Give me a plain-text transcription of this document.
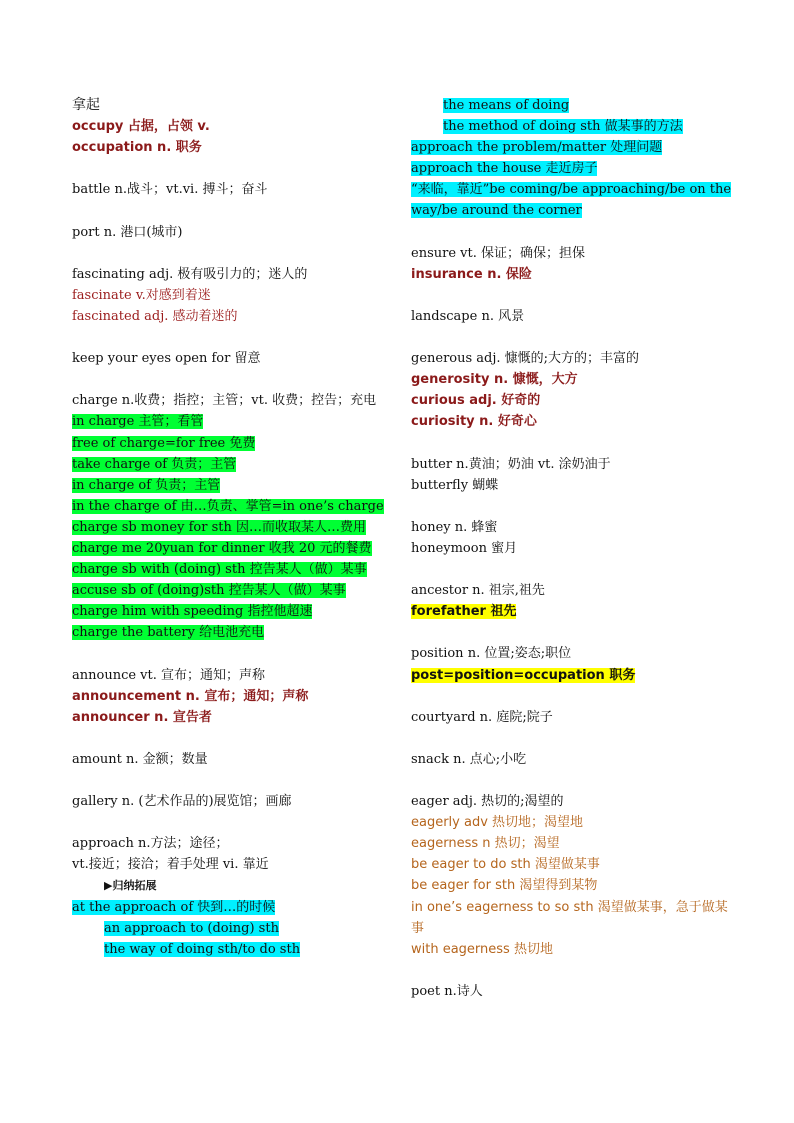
拿起
occupy 占据，占领 v.
occupation n. 职务
battle n.战斗；vt.vi. 搏斗；奋斗
port n. 港口(城市)
fascinating adj. 极有吸引力的；迷人的
fascinate v.对感到着迷
fascinated adj. 感动着迷的
keep your eyes open for 留意
charge n.收费；指控；主管；vt. 收费；控告；充电
in charge 主管；看管
free of charge=for free 免费
take charge of 负责；主管
in charge of 负责；主管
in the charge of 由…负责、掌管=in one’s charge
charge sb money for sth 因…而收取某人…费用
charge me 20yuan for dinner 收我 20 元的餐费
charge sb with (doing) sth 控告某人（做）某事
accuse sb of (doing)sth 控告某人（做）某事
charge him with speeding 指控他超速
charge the battery 给电池充电
announce vt. 宣布；通知；声称
announcement n. 宣布；通知；声称
announcer n. 宣告者
amount n. 金额；数量
gallery n. (艺术作品的)展览馆；画廊
approach n.方法；途径；
vt.接近；接洽；着手处理 vi. 靠近
▶归纳拓展
at the approach of 快到…的时候
an approach to (doing) sth
the way of doing sth/to do sth
the means of doing
the method of doing sth 做某事的方法
approach the problem/matter 处理问题
approach the house 走近房子
“来临，靠近”be coming/be approaching/be on the way/be around the corner
ensure vt. 保证；确保；担保
insurance n. 保险
landscape n. 风景
generous adj. 慷慨的;大方的；丰富的
generosity n. 慷慨，大方
curious adj. 好奇的
curiosity n. 好奇心
butter n.黄油；奶油 vt. 涂奶油于
butterfly 蝴蝶
honey n. 蜂蜜
honeymoon 蜜月
ancestor n. 祖宗,祖先
forefather 祖先
position n. 位置;姿态;职位
post=position=occupation 职务
courtyard n. 庭院;院子
snack n. 点心;小吃
eager adj. 热切的;渴望的
eagerly adv 热切地；渴望地
eagerness n 热切；渴望
be eager to do sth 渴望做某事
be eager for sth 渴望得到某物
in one’s eagerness to so sth 渴望做某事，急于做某事
with eagerness 热切地
poet n.诗人
